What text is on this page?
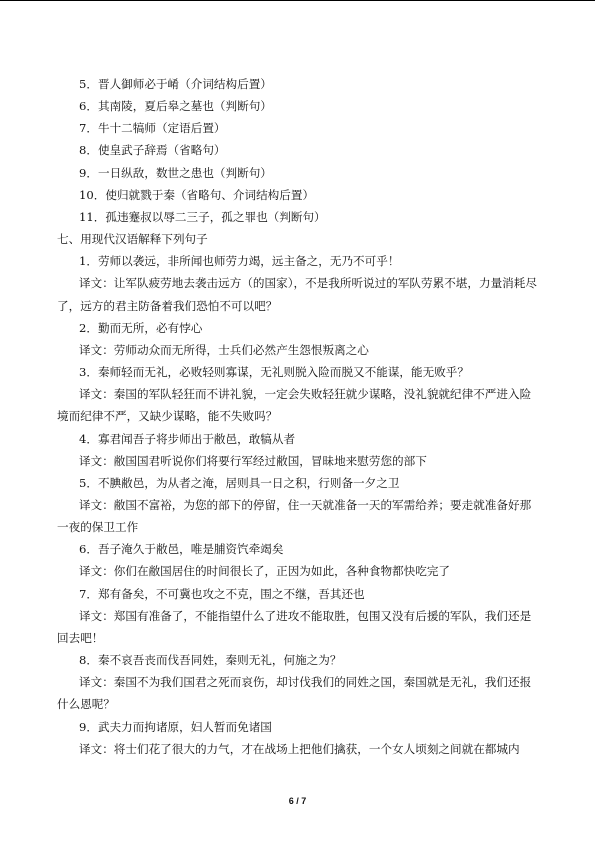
5．晋人御师必于崤（介词结构后置）
6．其南陵，夏后皋之墓也（判断句）
7．牛十二犒师（定语后置）
8．使皇武子辞焉（省略句）
9．一日纵敌，数世之患也（判断句）
10．使归就戮于秦（省略句、介词结构后置）
11．孤违蹇叔以辱二三子，孤之罪也（判断句）
七、用现代汉语解释下列句子
1．劳师以袭远，非所闻也师劳力竭，远主备之，无乃不可乎！
译文：让军队疲劳地去袭击远方（的国家），不是我所听说过的军队劳累不堪，力量消耗尽了，远方的君主防备着我们恐怕不可以吧？
2．勤而无所，必有悖心
译文：劳师动众而无所得，士兵们必然产生怨恨叛离之心
3．秦师轻而无礼，必败轻则寡谋，无礼则脱入险而脱又不能谋，能无败乎？
译文：秦国的军队轻狂而不讲礼貌，一定会失败轻狂就少谋略，没礼貌就纪律不严进入险境而纪律不严，又缺少谋略，能不失败吗？
4．寡君闻吾子将步师出于敝邑，敢犒从者
译文：敝国国君听说你们将要行军经过敝国，冒昧地来慰劳您的部下
5．不腆敝邑，为从者之淹，居则具一日之积，行则备一夕之卫
译文：敝国不富裕，为您的部下的停留，住一天就准备一天的军需给养；要走就准备好那一夜的保卫工作
6．吾子淹久于敝邑，唯是脯资饩牵竭矣
译文：你们在敝国居住的时间很长了，正因为如此，各种食物都快吃完了
7．郑有备矣，不可冀也攻之不克，围之不继，吾其还也
译文：郑国有准备了，不能指望什么了进攻不能取胜，包围又没有后援的军队，我们还是回去吧！
8．秦不哀吾丧而伐吾同姓，秦则无礼，何施之为？
译文：秦国不为我们国君之死而哀伤，却讨伐我们的同姓之国，秦国就是无礼，我们还报什么恩呢？
9．武夫力而拘诸原，妇人暂而免诸国
译文：将士们花了很大的力气，才在战场上把他们擒获，一个女人顷刻之间就在都城内
6 / 7
